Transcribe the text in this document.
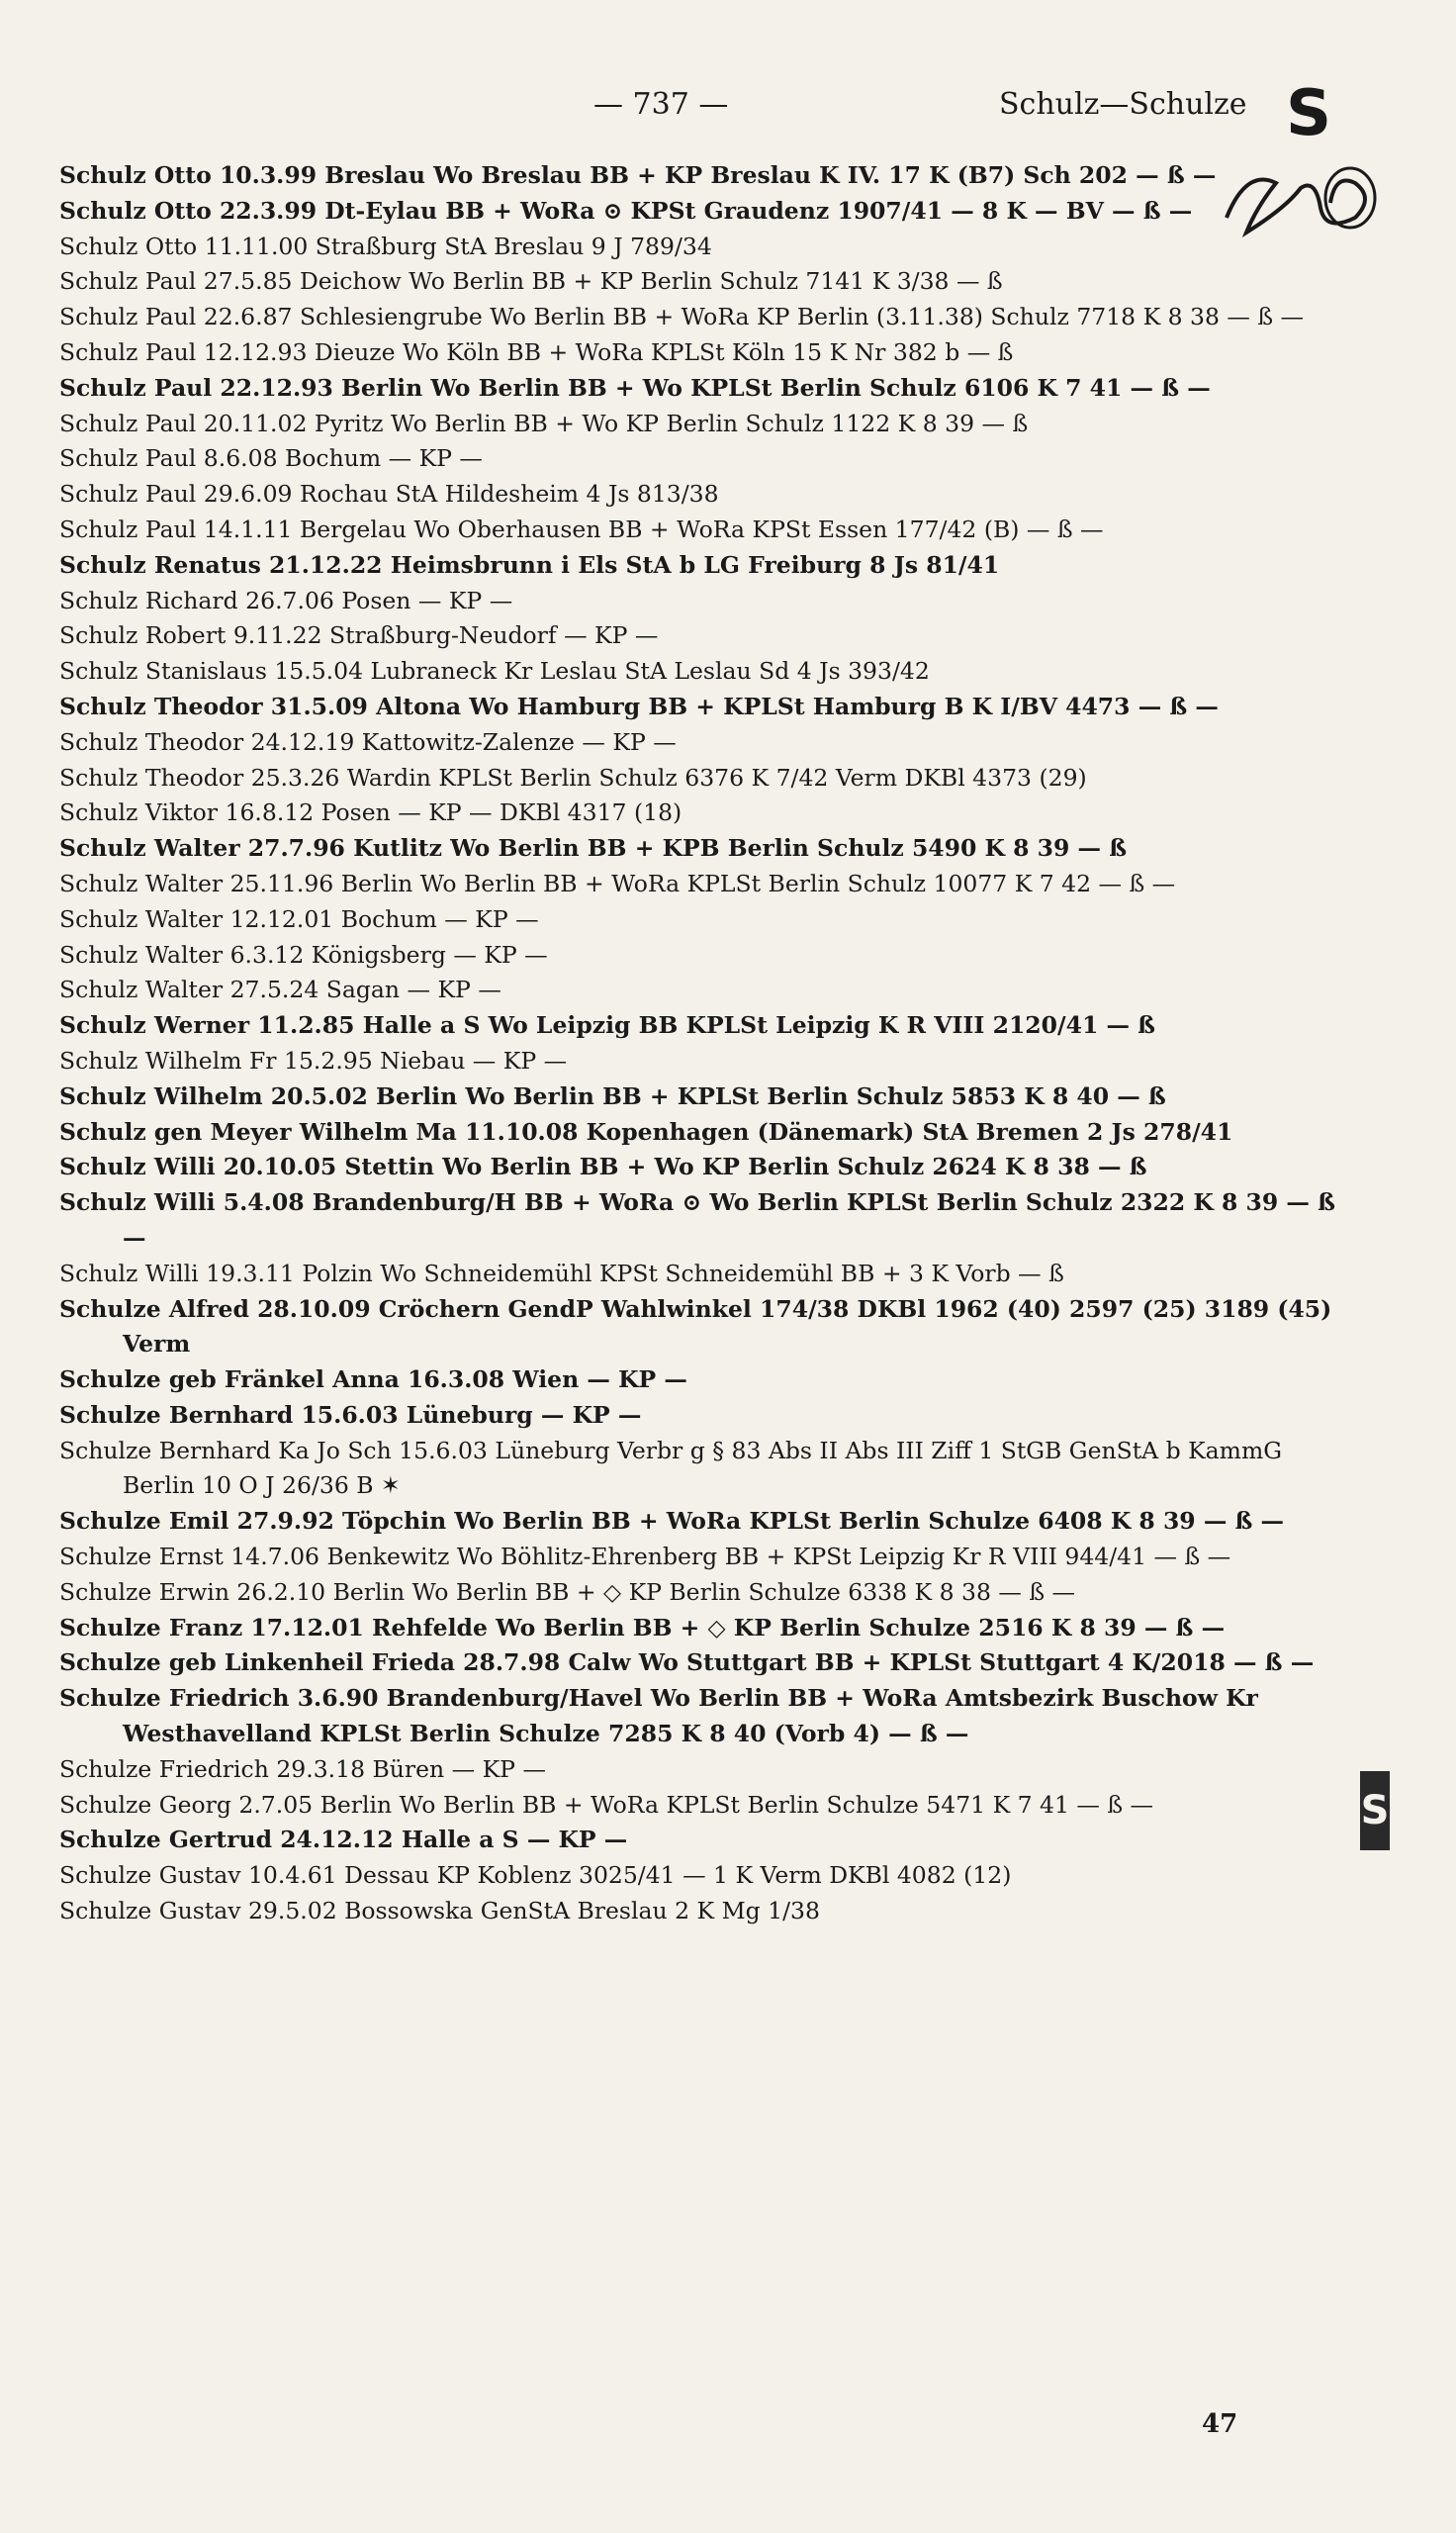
— 737 —	Schulz—Schulze S
S

Schulz Otto 10.3.99 Breslau Wo Breslau BB + KP Breslau K IV. 17 K (B7) Sch 202 — ß —

Schulz Otto 22.3.99 Dt-Eylau BB + WoRa ⊙ KPSt Graudenz 1907/41 — 8 K — BV — ß —

Schulz Otto 11.11.00 Straßburg StA Breslau 9 J 789/34

Schulz Paul 27.5.85 Deichow Wo Berlin BB + KP Berlin Schulz 7141 K 3/38 — ß

Schulz Paul 22.6.87 Schlesiengrube Wo Berlin BB + WoRa KP Berlin (3.11.38) Schulz 7718 K 8 38 — ß —

Schulz Paul 12.12.93 Dieuze Wo Köln BB + WoRa KPLSt Köln 15 K Nr 382 b — ß

Schulz Paul 22.12.93 Berlin Wo Berlin BB + Wo KPLSt Berlin Schulz 6106 K 7 41 — ß —

Schulz Paul 20.11.02 Pyritz Wo Berlin BB + Wo KP Berlin Schulz 1122 K 8 39 — ß

Schulz Paul 8.6.08 Bochum — KP —

Schulz Paul 29.6.09 Rochau StA Hildesheim 4 Js 813/38

Schulz Paul 14.1.11 Bergelau Wo Oberhausen BB + WoRa KPSt Essen 177/42 (B) — ß —

Schulz Renatus 21.12.22 Heimsbrunn i Els StA b LG Freiburg 8 Js 81/41

Schulz Richard 26.7.06 Posen — KP —

Schulz Robert 9.11.22 Straßburg-Neudorf — KP —

Schulz Stanislaus 15.5.04 Lubraneck Kr Leslau StA Leslau Sd 4 Js 393/42

Schulz Theodor 31.5.09 Altona Wo Hamburg BB + KPLSt Hamburg B K I/BV 4473 — ß —

Schulz Theodor 24.12.19 Kattowitz-Zalenze — KP —

Schulz Theodor 25.3.26 Wardin KPLSt Berlin Schulz 6376 K 7/42 Verm DKBl 4373 (29)

Schulz Viktor 16.8.12 Posen — KP — DKBl 4317 (18)

Schulz Walter 27.7.96 Kutlitz Wo Berlin BB + KPB Berlin Schulz 5490 K 8 39 — ß

Schulz Walter 25.11.96 Berlin Wo Berlin BB + WoRa KPLSt Berlin Schulz 10077 K 7 42 — ß —

Schulz Walter 12.12.01 Bochum — KP —

Schulz Walter 6.3.12 Königsberg — KP —

Schulz Walter 27.5.24 Sagan — KP —

Schulz Werner 11.2.85 Halle a S Wo Leipzig BB KPLSt Leipzig K R VIII 2120/41 — ß

Schulz Wilhelm Fr 15.2.95 Niebau — KP —

Schulz Wilhelm 20.5.02 Berlin Wo Berlin BB + KPLSt Berlin Schulz 5853 K 8 40 — ß

Schulz gen Meyer Wilhelm Ma 11.10.08 Kopenhagen (Dänemark) StA Bremen 2 Js 278/41

Schulz Willi 20.10.05 Stettin Wo Berlin BB + Wo KP Berlin Schulz 2624 K 8 38 — ß

Schulz Willi 5.4.08 Brandenburg/H BB + WoRa ⊙ Wo Berlin KPLSt Berlin Schulz 2322 K 8 39 — ß —

Schulz Willi 19.3.11 Polzin Wo Schneidemühl KPSt Schneidemühl BB + 3 K Vorb — ß

Schulze Alfred 28.10.09 Cröchern GendP Wahlwinkel 174/38 DKBl 1962 (40) 2597 (25) 3189 (45) Verm

Schulze geb Fränkel Anna 16.3.08 Wien — KP —

Schulze Bernhard 15.6.03 Lüneburg — KP —

Schulze Bernhard Ka Jo Sch 15.6.03 Lüneburg Verbr g § 83 Abs II Abs III Ziff 1 StGB GenStA b KammG Berlin 10 O J 26/36 B ✶

Schulze Emil 27.9.92 Töpchin Wo Berlin BB + WoRa KPLSt Berlin Schulze 6408 K 8 39 — ß —

Schulze Ernst 14.7.06 Benkewitz Wo Böhlitz-Ehrenberg BB + KPSt Leipzig Kr R VIII 944/41 — ß —

Schulze Erwin 26.2.10 Berlin Wo Berlin BB + ◇ KP Berlin Schulze 6338 K 8 38 — ß —

Schulze Franz 17.12.01 Rehfelde Wo Berlin BB + ◇ KP Berlin Schulze 2516 K 8 39 — ß —

Schulze geb Linkenheil Frieda 28.7.98 Calw Wo Stuttgart BB + KPLSt Stuttgart 4 K/2018 — ß —

Schulze Friedrich 3.6.90 Brandenburg/Havel Wo Berlin BB + WoRa Amtsbezirk Buschow Kr Westhavelland KPLSt Berlin Schulze 7285 K 8 40 (Vorb 4) — ß —

Schulze Friedrich 29.3.18 Büren — KP —

Schulze Georg 2.7.05 Berlin Wo Berlin BB + WoRa KPLSt Berlin Schulze 5471 K 7 41 — ß —

Schulze Gertrud 24.12.12 Halle a S — KP —

Schulze Gustav 10.4.61 Dessau KP Koblenz 3025/41 — 1 K Verm DKBl 4082 (12)

Schulze Gustav 29.5.02 Bossowska GenStA Breslau 2 K Mg 1/38

47
